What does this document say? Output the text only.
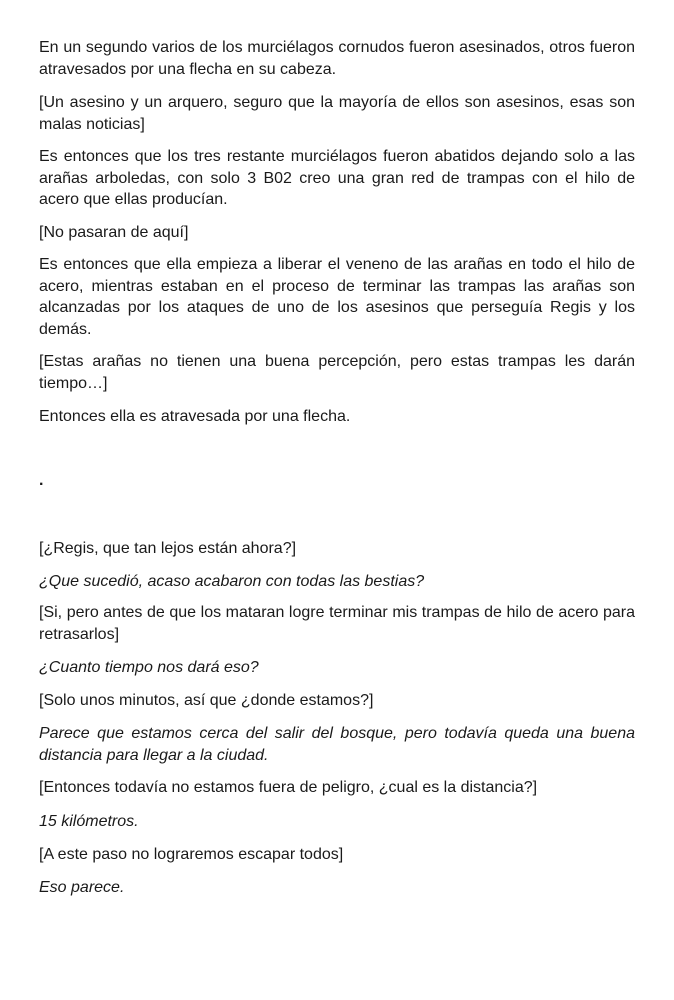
En un segundo varios de los murciélagos cornudos fueron asesinados, otros fueron atravesados por una flecha en su cabeza.

[Un asesino y un arquero, seguro que la mayoría de ellos son asesinos, esas son malas noticias]

Es entonces que los tres restante murciélagos fueron abatidos dejando solo a las arañas arboledas, con solo 3 B02 creo una gran red de trampas con el hilo de acero que ellas producían.

[No pasaran de aquí]

Es entonces que ella empieza a liberar el veneno de las arañas en todo el hilo de acero, mientras estaban en el proceso de terminar las trampas las arañas son alcanzadas por los ataques de uno de los asesinos que perseguía Regis y los demás.

[Estas arañas no tienen una buena percepción, pero estas trampas les darán tiempo…]

Entonces ella es atravesada por una flecha.

.

[¿Regis, que tan lejos están ahora?]

¿Que sucedió, acaso acabaron con todas las bestias?

[Si, pero antes de que los mataran logre terminar mis trampas de hilo de acero para retrasarlos]

¿Cuanto tiempo nos dará eso?

[Solo unos minutos, así que ¿donde estamos?]

Parece que estamos cerca del salir del bosque, pero todavía queda una buena distancia para llegar a la ciudad.

[Entonces todavía no estamos fuera de peligro, ¿cual es la distancia?]

15 kilómetros.

[A este paso no lograremos escapar todos]

Eso parece.
